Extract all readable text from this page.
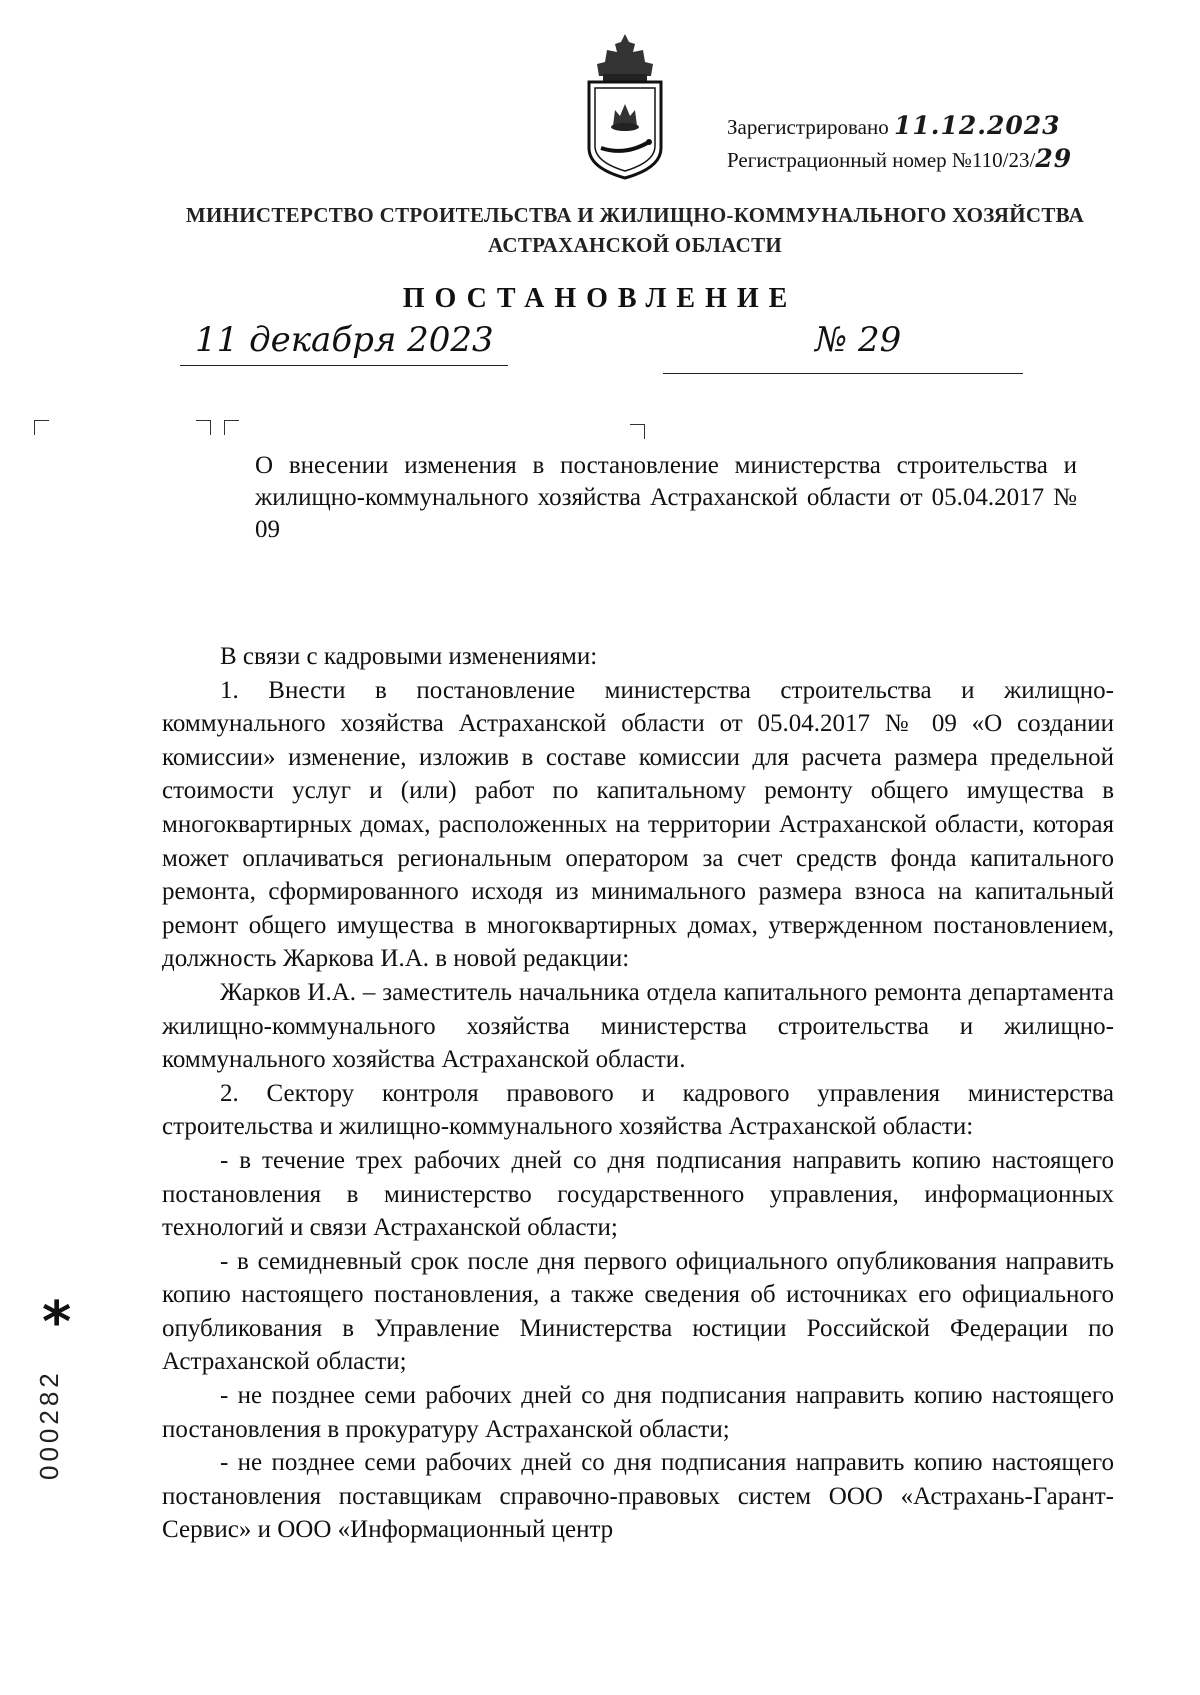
Зарегистрировано 11.12.2023
Регистрационный номер №110/23/29
МИНИСТЕРСТВО СТРОИТЕЛЬСТВА И ЖИЛИЩНО-КОММУНАЛЬНОГО ХОЗЯЙСТВА
АСТРАХАНСКОЙ ОБЛАСТИ
ПОСТАНОВЛЕНИЕ
11 декабря 2023	№ 29
О внесении изменения в постановление министерства строительства и жилищно-коммунального хозяйства Астраханской области от 05.04.2017 № 09

В связи с кадровыми изменениями:

1. Внести в постановление министерства строительства и жилищно-коммунального хозяйства Астраханской области от 05.04.2017 № 09 «О создании комиссии» изменение, изложив в составе комиссии для расчета размера предельной стоимости услуг и (или) работ по капитальному ремонту общего имущества в многоквартирных домах, расположенных на территории Астраханской области, которая может оплачиваться региональным оператором за счет средств фонда капитального ремонта, сформированного исходя из минимального размера взноса на капитальный ремонт общего имущества в многоквартирных домах, утвержденном постановлением, должность Жаркова И.А. в новой редакции:

Жарков И.А. – заместитель начальника отдела капитального ремонта департамента жилищно-коммунального хозяйства министерства строительства и жилищно-коммунального хозяйства Астраханской области.

2. Сектору контроля правового и кадрового управления министерства строительства и жилищно-коммунального хозяйства Астраханской области:

- в течение трех рабочих дней со дня подписания направить копию настоящего постановления в министерство государственного управления, информационных технологий и связи Астраханской области;

- в семидневный срок после дня первого официального опубликования направить копию настоящего постановления, а также сведения об источниках его официального опубликования в Управление Министерства юстиции Российской Федерации по Астраханской области;

- не позднее семи рабочих дней со дня подписания направить копию настоящего постановления в прокуратуру Астраханской области;

- не позднее семи рабочих дней со дня подписания направить копию настоящего постановления поставщикам справочно-правовых систем ООО «Астрахань-Гарант-Сервис» и ООО «Информационный центр

*
000282
